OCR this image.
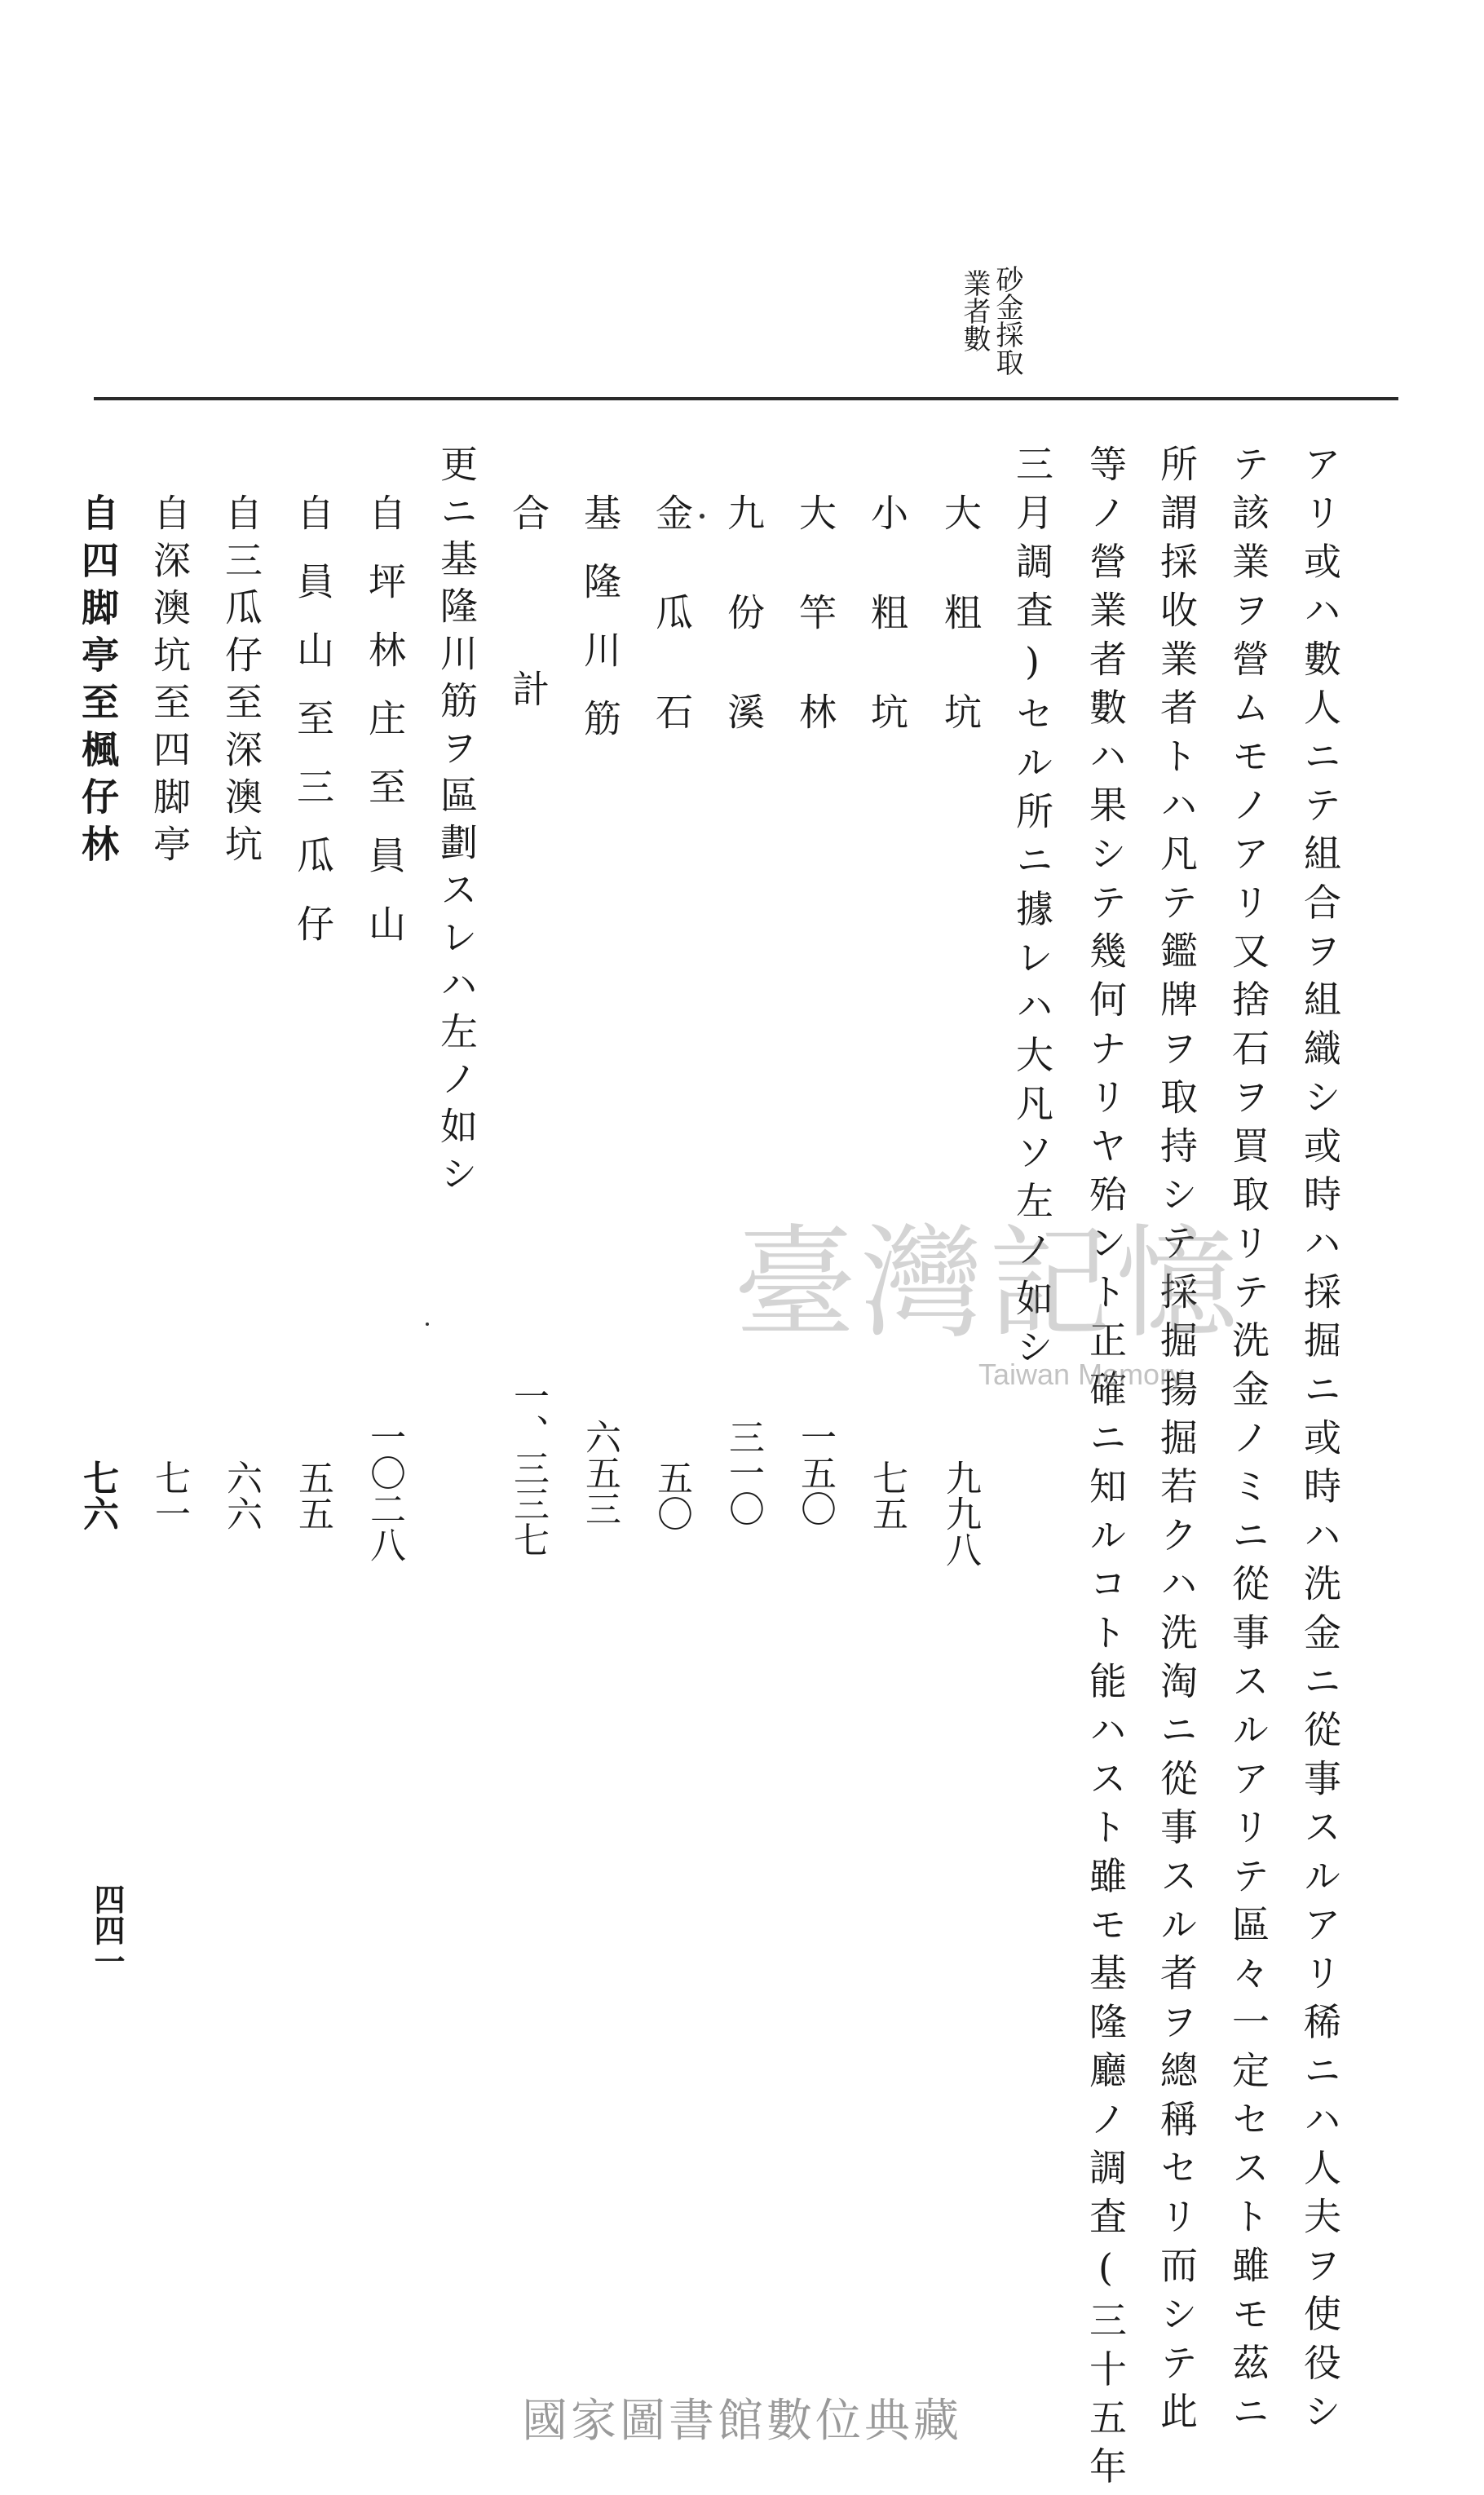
砂金採取
業者數
アリ或ハ數人ニテ組合ヲ組織シ或時ハ採掘ニ或時ハ洗金ニ從事スルアリ稀ニハ人夫ヲ使役シ
テ該業ヲ營ムモノアリ又捨石ヲ買取リテ洗金ノミニ從事スルアリテ區々一定セスト雖モ茲ニ
所謂採收業者トハ凡テ鑑牌ヲ取持シテ採掘揚掘若クハ洗淘ニ從事スル者ヲ總稱セリ而シテ此
等ノ營業者數ハ果シテ幾何ナリヤ殆ント正確ニ知ルコト能ハスト雖モ基隆廳ノ調査(三十五年
三月調査)セル所ニ據レハ大凡ソ左ノ如シ
大粗坑
小粗坑
大竿林
九份溪
金瓜石
基隆川筋
合計
九九八
七五
一五〇
三一〇
五〇
六五三
一、三三七
更ニ基隆川筋ヲ區劃スレハ左ノ如シ
自坪林庄至員山
自員山至三瓜仔
自三瓜仔至深澳坑
自深澳坑至四脚亭
自四脚亭至楓仔林
一〇二八
五五
六六
七一
七六
四四一
臺灣記憶
Taiwan Memory
國家圖書館數位典藏
